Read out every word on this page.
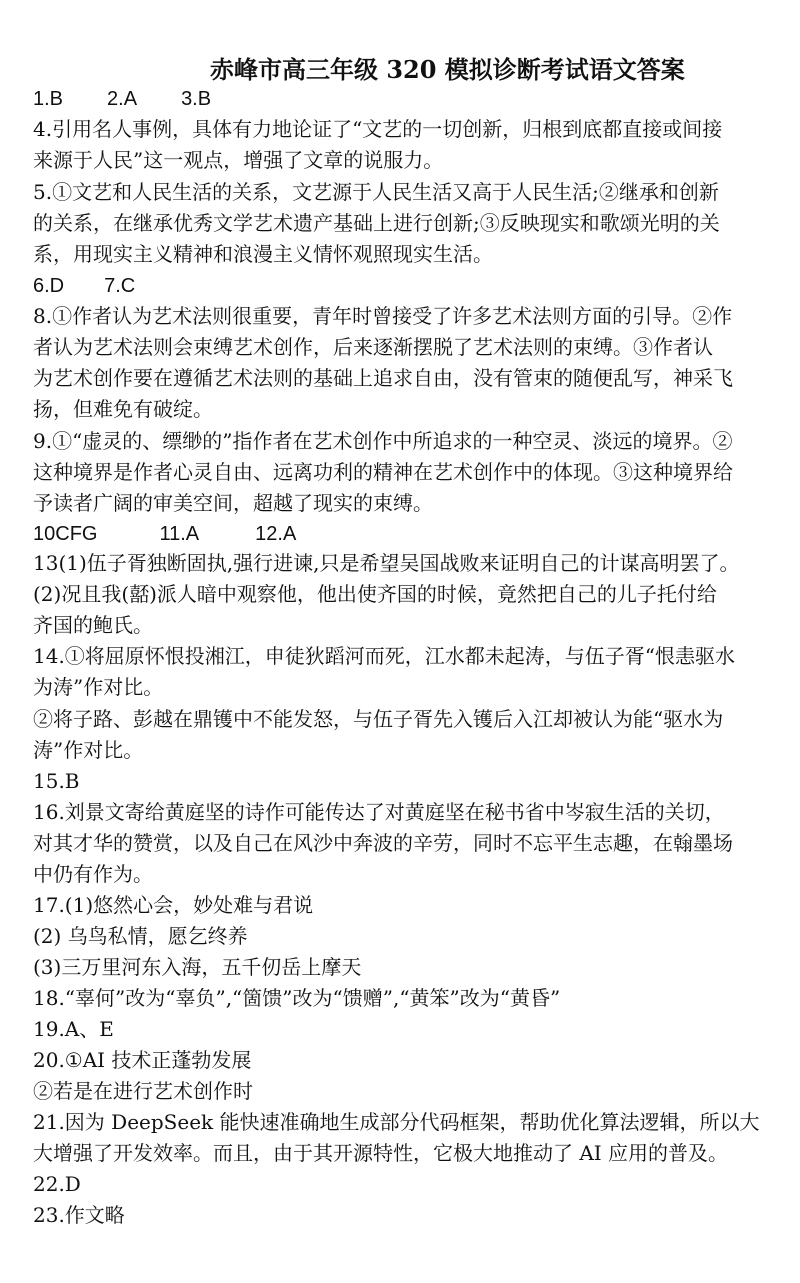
赤峰市高三年级 320 模拟诊断考试语文答案
1.B 2.A 3.B
4.引用名人事例，具体有力地论证了“文艺的一切创新，归根到底都直接或间接
来源于人民”这一观点，增强了文章的说服力。
5.①文艺和人民生活的关系，文艺源于人民生活又高于人民生活;②继承和创新
的关系，在继承优秀文学艺术遗产基础上进行创新;③反映现实和歌颂光明的关
系，用现实主义精神和浪漫主义情怀观照现实生活。
6.D 7.C
8.①作者认为艺术法则很重要，青年时曾接受了许多艺术法则方面的引导。②作
者认为艺术法则会束缚艺术创作，后来逐渐摆脱了艺术法则的束缚。③作者认
为艺术创作要在遵循艺术法则的基础上追求自由，没有管束的随便乱写，神采飞
扬，但难免有破绽。
9.①“虚灵的、缥缈的”指作者在艺术创作中所追求的一种空灵、淡远的境界。②
这种境界是作者心灵自由、远离功利的精神在艺术创作中的体现。③这种境界给
予读者广阔的审美空间，超越了现实的束缚。
10CFG	11.A	12.A
13(1)伍子胥独断固执,强行进谏,只是希望吴国战败来证明自己的计谋高明罢了。
(2)况且我(嚭)派人暗中观察他，他出使齐国的时候，竟然把自己的儿子托付给
齐国的鲍氏。
14.①将屈原怀恨投湘江，申徒狄蹈河而死，江水都未起涛，与伍子胥“恨恚驱水
为涛”作对比。
②将子路、彭越在鼎镬中不能发怒，与伍子胥先入镬后入江却被认为能“驱水为
涛”作对比。
15.B
16.刘景文寄给黄庭坚的诗作可能传达了对黄庭坚在秘书省中岑寂生活的关切，
对其才华的赞赏，以及自己在风沙中奔波的辛劳，同时不忘平生志趣，在翰墨场
中仍有作为。
17.(1)悠然心会，妙处难与君说
(2) 乌鸟私情，愿乞终养
(3)三万里河东入海，五千仞岳上摩天
18.“辜何”改为“辜负”,“箇馈”改为“馈赠”,“黄笨”改为“黄昏”
19.A、E
20.①AI 技术正蓬勃发展
②若是在进行艺术创作时
21.因为 DeepSeek 能快速准确地生成部分代码框架，帮助优化算法逻辑，所以大
大增强了开发效率。而且，由于其开源特性，它极大地推动了 AI 应用的普及。
22.D
23.作文略
